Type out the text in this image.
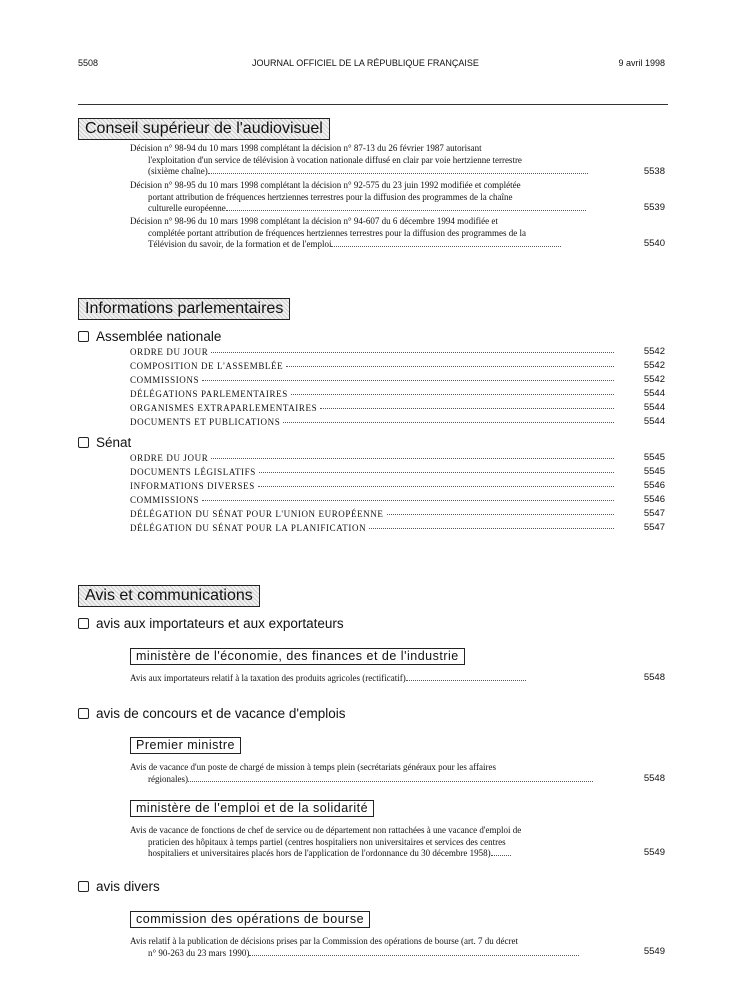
5508	JOURNAL OFFICIEL DE LA RÉPUBLIQUE FRANÇAISE	9 avril 1998
Conseil supérieur de l'audiovisuel
Décision n° 98-94 du 10 mars 1998 complétant la décision n° 87-13 du 26 février 1987 autorisant
l'exploitation d'un service de télévision à vocation nationale diffusé en clair par voie hertzienne terrestre
(sixième chaîne)	5538
Décision n° 98-95 du 10 mars 1998 complétant la décision n° 92-575 du 23 juin 1992 modifiée et complétée
portant attribution de fréquences hertziennes terrestres pour la diffusion des programmes de la chaîne
culturelle européenne	5539
Décision n° 98-96 du 10 mars 1998 complétant la décision n° 94-607 du 6 décembre 1994 modifiée et
complétée portant attribution de fréquences hertziennes terrestres pour la diffusion des programmes de la
Télévision du savoir, de la formation et de l'emploi	5540
Informations parlementaires
Assemblée nationale
ORDRE DU JOUR	5542
COMPOSITION DE L'ASSEMBLÉE	5542
COMMISSIONS	5542
DÉLÉGATIONS PARLEMENTAIRES	5544
ORGANISMES EXTRAPARLEMENTAIRES	5544
DOCUMENTS ET PUBLICATIONS	5544
Sénat
ORDRE DU JOUR	5545
DOCUMENTS LÉGISLATIFS	5545
INFORMATIONS DIVERSES	5546
COMMISSIONS	5546
DÉLÉGATION DU SÉNAT POUR L'UNION EUROPÉENNE	5547
DÉLÉGATION DU SÉNAT POUR LA PLANIFICATION	5547
Avis et communications
avis aux importateurs et aux exportateurs
ministère de l'économie, des finances et de l'industrie
Avis aux importateurs relatif à la taxation des produits agricoles (rectificatif)	5548
avis de concours et de vacance d'emplois
Premier ministre
Avis de vacance d'un poste de chargé de mission à temps plein (secrétariats généraux pour les affaires
régionales)	5548
ministère de l'emploi et de la solidarité
Avis de vacance de fonctions de chef de service ou de département non rattachées à une vacance d'emploi de
praticien des hôpitaux à temps partiel (centres hospitaliers non universitaires et services des centres
hospitaliers et universitaires placés hors de l'application de l'ordonnance du 30 décembre 1958)	5549
avis divers
commission des opérations de bourse
Avis relatif à la publication de décisions prises par la Commission des opérations de bourse (art. 7 du décret
n° 90-263 du 23 mars 1990)	5549
